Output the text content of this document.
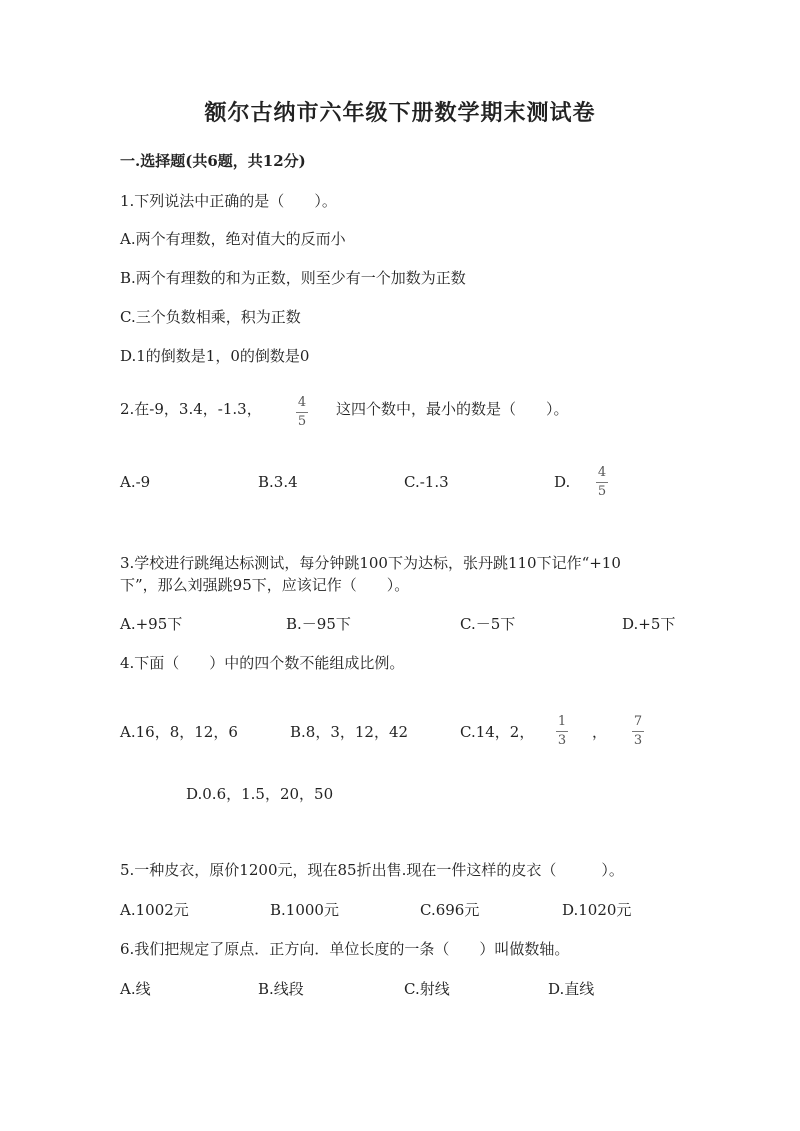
额尔古纳市六年级下册数学期末测试卷
一.选择题(共6题，共12分)
1.下列说法中正确的是（　　）。
A.两个有理数，绝对值大的反而小
B.两个有理数的和为正数，则至少有一个加数为正数
C.三个负数相乘，积为正数
D.1的倒数是1，0的倒数是0
2.在-9，3.4，-1.3，	4
5
这四个数中，最小的数是（　　）。
A.-9	B.3.4	C.-1.3	D.
4
5
3.学校进行跳绳达标测试，每分钟跳100下为达标，张丹跳110下记作“+10
下”，那么刘强跳95下，应该记作（　　）。
A.+95下	B.－95下	C.－5下	D.+5下
4.下面（　　）中的四个数不能组成比例。
A.16，8，12，6	B.8，3，12，42	C.14，2，
1
3 ，
7
3
D.0.6，1.5，20，50
5.一种皮衣，原价1200元，现在85折出售.现在一件这样的皮衣（　　　）。
A.1002元	B.1000元	C.696元	D.1020元
6.我们把规定了原点．正方向．单位长度的一条（　　）叫做数轴。
A.线	B.线段	C.射线	D.直线
